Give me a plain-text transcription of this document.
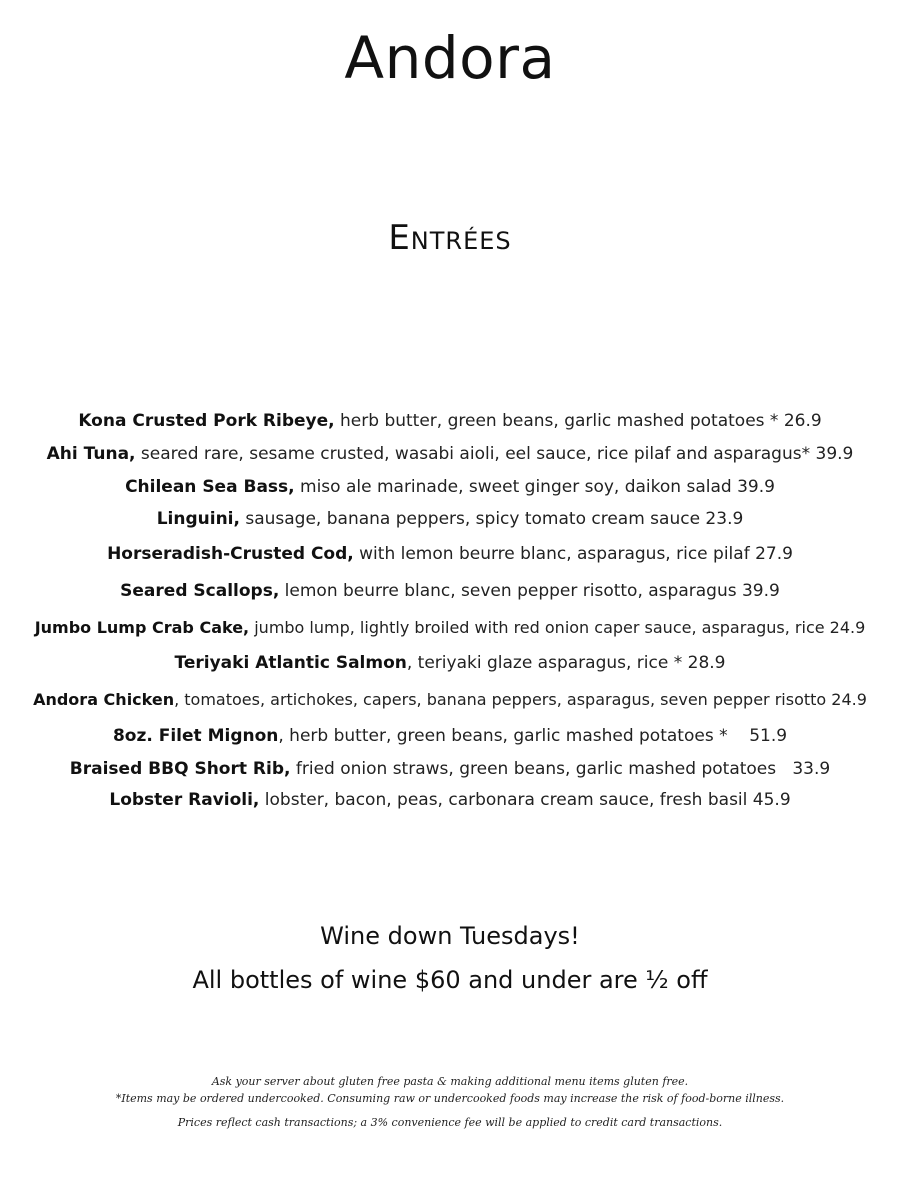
Andora
Entrées
Kona Crusted Pork Ribeye, herb butter, green beans, garlic mashed potatoes * 26.9
Ahi Tuna, seared rare, sesame crusted, wasabi aioli, eel sauce, rice pilaf and asparagus* 39.9
Chilean Sea Bass, miso ale marinade, sweet ginger soy, daikon salad 39.9
Linguini, sausage, banana peppers, spicy tomato cream sauce 23.9
Horseradish-Crusted Cod, with lemon beurre blanc, asparagus, rice pilaf 27.9
Seared Scallops, lemon beurre blanc, seven pepper risotto, asparagus 39.9
Jumbo Lump Crab Cake, jumbo lump, lightly broiled with red onion caper sauce, asparagus, rice 24.9
Teriyaki Atlantic Salmon, teriyaki glaze asparagus, rice * 28.9
Andora Chicken, tomatoes, artichokes, capers, banana peppers, asparagus, seven pepper risotto 24.9
8oz. Filet Mignon, herb butter, green beans, garlic mashed potatoes *    51.9
Braised BBQ Short Rib, fried onion straws, green beans, garlic mashed potatoes   33.9
Lobster Ravioli, lobster, bacon, peas, carbonara cream sauce, fresh basil 45.9
Wine down Tuesdays!
All bottles of wine $60 and under are ½ off
Ask your server about gluten free pasta & making additional menu items gluten free.
*Items may be ordered undercooked. Consuming raw or undercooked foods may increase the risk of food-borne illness.
Prices reflect cash transactions; a 3% convenience fee will be applied to credit card transactions.
